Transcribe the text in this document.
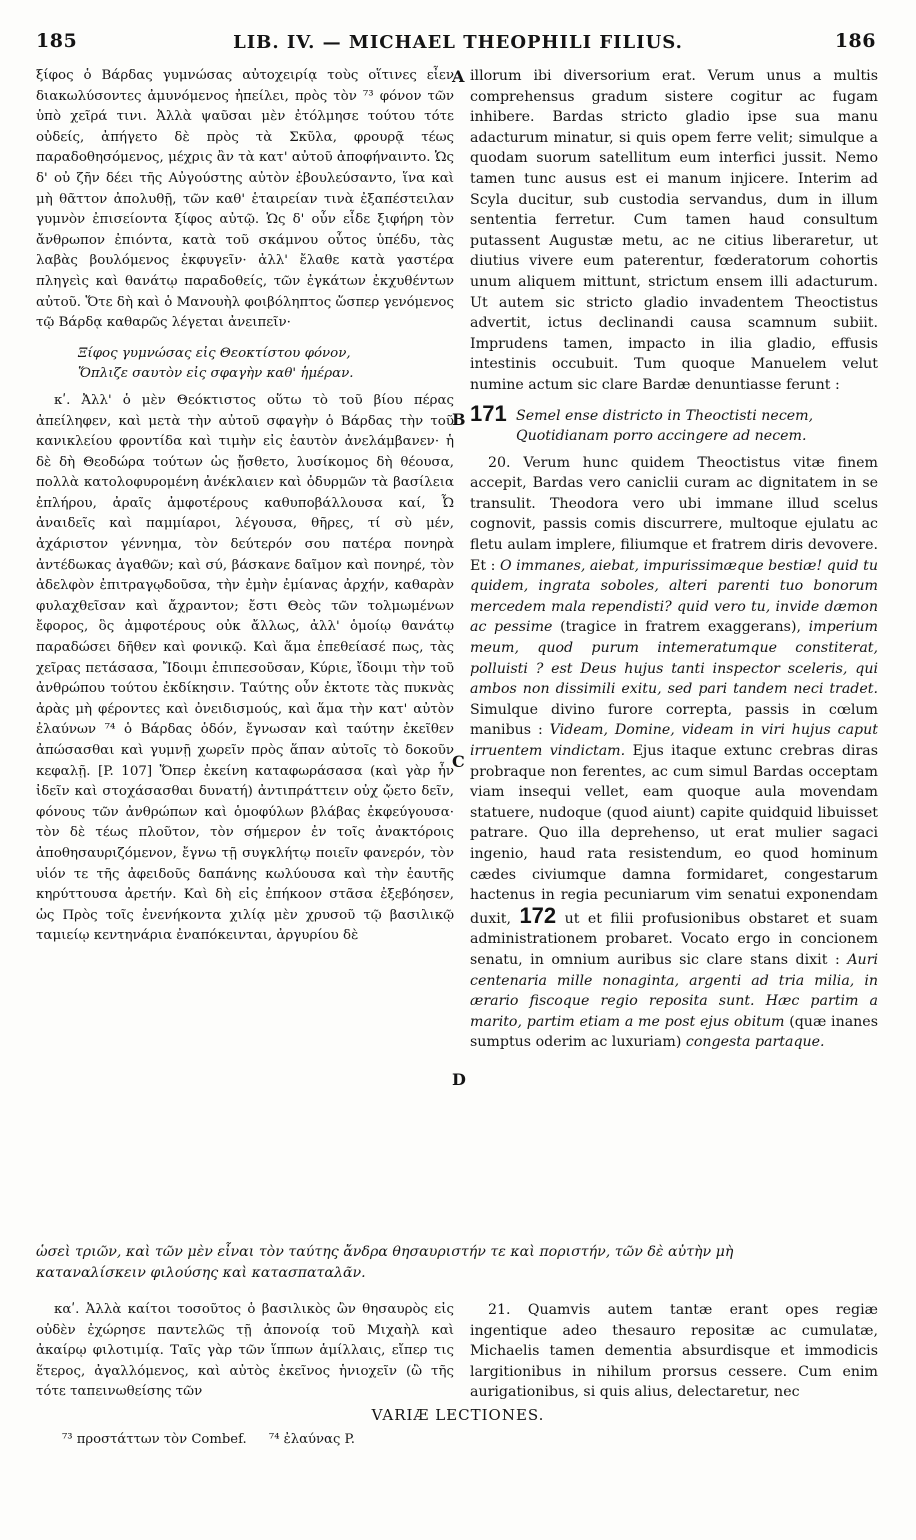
185	LIB. IV. — MICHAEL THEOPHILI FILIUS.	186

ξίφος ὁ Βάρδας γυμνώσας αὐτοχειρίᾳ τοὺς οἵτινες εἶεν διακωλύσοντες ἀμυνόμενος ἠπείλει, πρὸς τὸν ⁷³ φόνον τῶν ὑπὸ χεῖρά τινι. Ἀλλὰ ψαῦσαι μὲν ἐτόλμησε τούτου τότε οὐδείς, ἀπήγετο δὲ πρὸς τὰ Σκῦλα, φρουρᾷ τέως παραδοθησόμενος, μέχρις ἂν τὰ κατ' αὐτοῦ ἀποφήναιντο. Ὡς δ' οὐ ζῆν δέει τῆς Αὐγούστης αὐτὸν ἐβουλεύσαντο, ἵνα καὶ μὴ θᾶττον ἀπολυθῇ, τῶν καθ' ἑταιρείαν τινὰ ἐξαπέστειλαν γυμνὸν ἐπισείοντα ξίφος αὐτῷ. Ὡς δ' οὖν εἶδε ξιφήρη τὸν ἄνθρωπον ἐπιόντα, κατὰ τοῦ σκάμνου οὗτος ὑπέδυ, τὰς λαβὰς βουλόμενος ἐκφυγεῖν· ἀλλ' ἔλαθε κατὰ γαστέρα πληγεὶς καὶ θανάτῳ παραδοθείς, τῶν ἐγκάτων ἐκχυθέντων αὐτοῦ. Ὅτε δὴ καὶ ὁ Μανουὴλ φοιβόληπτος ὥσπερ γενόμενος τῷ Βάρδᾳ καθαρῶς λέγεται ἀνειπεῖν·

Ξίφος γυμνώσας εἰς Θεοκτίστου φόνον,
Ὅπλιζε σαυτὸν εἰς σφαγὴν καθ' ἡμέραν.

κʹ. Ἀλλ' ὁ μὲν Θεόκτιστος οὕτω τὸ τοῦ βίου πέρας ἀπείληφεν, καὶ μετὰ τὴν αὐτοῦ σφαγὴν ὁ Βάρδας τὴν τοῦ κανικλείου φροντίδα καὶ τιμὴν εἰς ἑαυτὸν ἀνελάμβανεν· ἡ δὲ δὴ Θεοδώρα τούτων ὡς ᾔσθετο, λυσίκομος δὴ θέουσα, πολλὰ κατολοφυρομένη ἀνέκλαιεν καὶ ὀδυρμῶν τὰ βασίλεια ἐπλήρου, ἀραῖς ἀμφοτέρους καθυποβάλλουσα καί, Ὦ ἀναιδεῖς καὶ παμμίαροι, λέγουσα, θῆρες, τί σὺ μέν, ἀχάριστον γέννημα, τὸν δεύτερόν σου πατέρα πονηρὰ ἀντέδωκας ἀγαθῶν; καὶ σύ, βάσκανε δαῖμον καὶ πονηρέ, τὸν ἀδελφὸν ἐπιτραγῳδοῦσα, τὴν ἐμὴν ἐμίανας ἀρχήν, καθαρὰν φυλαχθεῖσαν καὶ ἄχραντον; ἔστι Θεὸς τῶν τολμωμένων ἔφορος, ὃς ἀμφοτέρους οὐκ ἄλλως, ἀλλ' ὁμοίῳ θανάτῳ παραδώσει δῆθεν καὶ φονικῷ. Καὶ ἅμα ἐπεθείασέ πως, τὰς χεῖρας πετάσασα, Ἴδοιμι ἐπιπεσοῦσαν, Κύριε, ἴδοιμι τὴν τοῦ ἀνθρώπου τούτου ἐκδίκησιν. Ταύτης οὖν ἐκτοτε τὰς πυκνὰς ἀρὰς μὴ φέροντες καὶ ὀνειδισμούς, καὶ ἅμα τὴν κατ' αὐτὸν ἐλαύνων ⁷⁴ ὁ Βάρδας ὁδόν, ἔγνωσαν καὶ ταύτην ἐκεῖθεν ἀπώσασθαι καὶ γυμνῇ χωρεῖν πρὸς ἅπαν αὐτοῖς τὸ δοκοῦν κεφαλῇ. [P. 107] Ὅπερ ἐκείνη καταφωράσασα (καὶ γὰρ ἦν ἰδεῖν καὶ στοχάσασθαι δυνατή) ἀντιπράττειν οὐχ ᾤετο δεῖν, φόνους τῶν ἀνθρώπων καὶ ὁμοφύλων βλάβας ἐκφεύγουσα· τὸν δὲ τέως πλοῦτον, τὸν σήμερον ἐν τοῖς ἀνακτόροις ἀποθησαυριζόμενον, ἔγνω τῇ συγκλήτῳ ποιεῖν φανερόν, τὸν υἱόν τε τῆς ἀφειδοῦς δαπάνης κωλύουσα καὶ τὴν ἑαυτῆς κηρύττουσα ἀρετήν. Καὶ δὴ εἰς ἐπήκοον στᾶσα ἐξεβόησεν, ὡς Πρὸς τοῖς ἐνενήκοντα χιλίᾳ μὲν χρυσοῦ τῷ βασιλικῷ ταμιείῳ κεντηνάρια ἐναπόκεινται, ἀργυρίου δὲ

illorum ibi diversorium erat. Verum unus a multis comprehensus gradum sistere cogitur ac fugam inhibere. Bardas stricto gladio ipse sua manu adacturum minatur, si quis opem ferre velit; simulque a quodam suorum satellitum eum interfici jussit. Nemo tamen tunc ausus est ei manum injicere. Interim ad Scyla ducitur, sub custodia servandus, dum in illum sententia ferretur. Cum tamen haud consultum putassent Augustæ metu, ac ne citius liberaretur, ut diutius vivere eum paterentur, fœderatorum cohortis unum aliquem mittunt, strictum ensem illi adacturum. Ut autem sic stricto gladio invadentem Theoctistus advertit, ictus declinandi causa scamnum subiit. Imprudens tamen, impacto in ilia gladio, effusis intestinis occubuit. Tum quoque Manuelem velut numine actum sic clare Bardæ denuntiasse ferunt :

171 Semel ense districto in Theoctisti necem,
Quotidianam porro accingere ad necem.

20. Verum hunc quidem Theoctistus vitæ finem accepit, Bardas vero caniclii curam ac dignitatem in se transulit. Theodora vero ubi immane illud scelus cognovit, passis comis discurrere, multoque ejulatu ac fletu aulam implere, filiumque et fratrem diris devovere. Et : O immanes, aiebat, impurissimæque bestiæ! quid tu quidem, ingrata soboles, alteri parenti tuo bonorum mercedem mala rependisti? quid vero tu, invide dæmon ac pessime (tragice in fratrem exaggerans), imperium meum, quod purum intemeratumque constiterat, polluisti ? est Deus hujus tanti inspector sceleris, qui ambos non dissimili exitu, sed pari tandem neci tradet. Simulque divino furore correpta, passis in cœlum manibus : Videam, Domine, videam in viri hujus caput irruentem vindictam. Ejus itaque extunc crebras diras probraque non ferentes, ac cum simul Bardas occeptam viam insequi vellet, eam quoque aula movendam statuere, nudoque (quod aiunt) capite quidquid libuisset patrare. Quo illa deprehenso, ut erat mulier sagaci ingenio, haud rata resistendum, eo quod hominum cædes civiumque damna formidaret, congestarum hactenus in regia pecuniarum vim senatui exponendam duxit, 172 ut et filii profusionibus obstaret et suam administrationem probaret. Vocato ergo in concionem senatu, in omnium auribus sic clare stans dixit : Auri centenaria mille nonaginta, argenti ad tria milia, in ærario fiscoque regio reposita sunt. Hæc partim a marito, partim etiam a me post ejus obitum (quæ inanes sumptus oderim ac luxuriam) congesta partaque.

A
B
C
D
ὡσεὶ τριῶν, καὶ τῶν μὲν εἶναι τὸν ταύτης ἄνδρα θησαυριστήν τε καὶ ποριστήν, τῶν δὲ αὐτὴν μὴ
καταναλίσκειν φιλούσης καὶ κατασπαταλᾶν.

καʹ. Ἀλλὰ καίτοι τοσοῦτος ὁ βασιλικὸς ὢν θησαυρὸς εἰς οὐδὲν ἐχώρησε παντελῶς τῇ ἀπονοίᾳ τοῦ Μιχαὴλ καὶ ἀκαίρῳ φιλοτιμίᾳ. Ταῖς γὰρ τῶν ἵππων ἁμίλλαις, εἴπερ τις ἕτερος, ἀγαλλόμενος, καὶ αὐτὸς ἐκεῖνος ἡνιοχεῖν (ὢ τῆς τότε ταπεινωθείσης τῶν

21. Quamvis autem tantæ erant opes regiæ ingentique adeo thesauro repositæ ac cumulatæ, Michaelis tamen dementia absurdisque et immodicis largitionibus in nihilum prorsus cessere. Cum enim aurigationibus, si quis alius, delectaretur, nec

VARIÆ LECTIONES.
⁷³ προστάττων τὸν Combef. ⁷⁴ ἐλαύνας P.
